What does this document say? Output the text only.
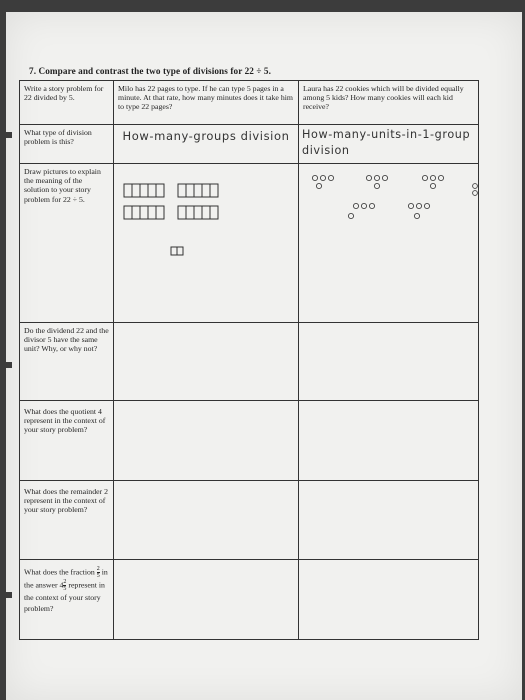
7. Compare and contrast the two type of divisions for 22 ÷ 5.
Write a story problem for 22 divided by 5.
Milo has 22 pages to type. If he can type 5 pages in a minute. At that rate, how many minutes does it take him to type 22 pages?
Laura has 22 cookies which will be divided equally among 5 kids? How many cookies will each kid receive?
What type of division problem is this?	How-many-groups division	How-many-units-in-1-group division
Draw pictures to explain the meaning of the solution to your story problem for 22 ÷ 5.
Do the dividend 22 and the divisor 5 have the same unit? Why, or why not?
What does the quotient 4 represent in the context of your story problem?
What does the remainder 2 represent in the context of your story problem?
What does the fraction $\frac{2}{5}$ in the answer $4 \frac{2}{5}$ represent in the context of your story problem?
